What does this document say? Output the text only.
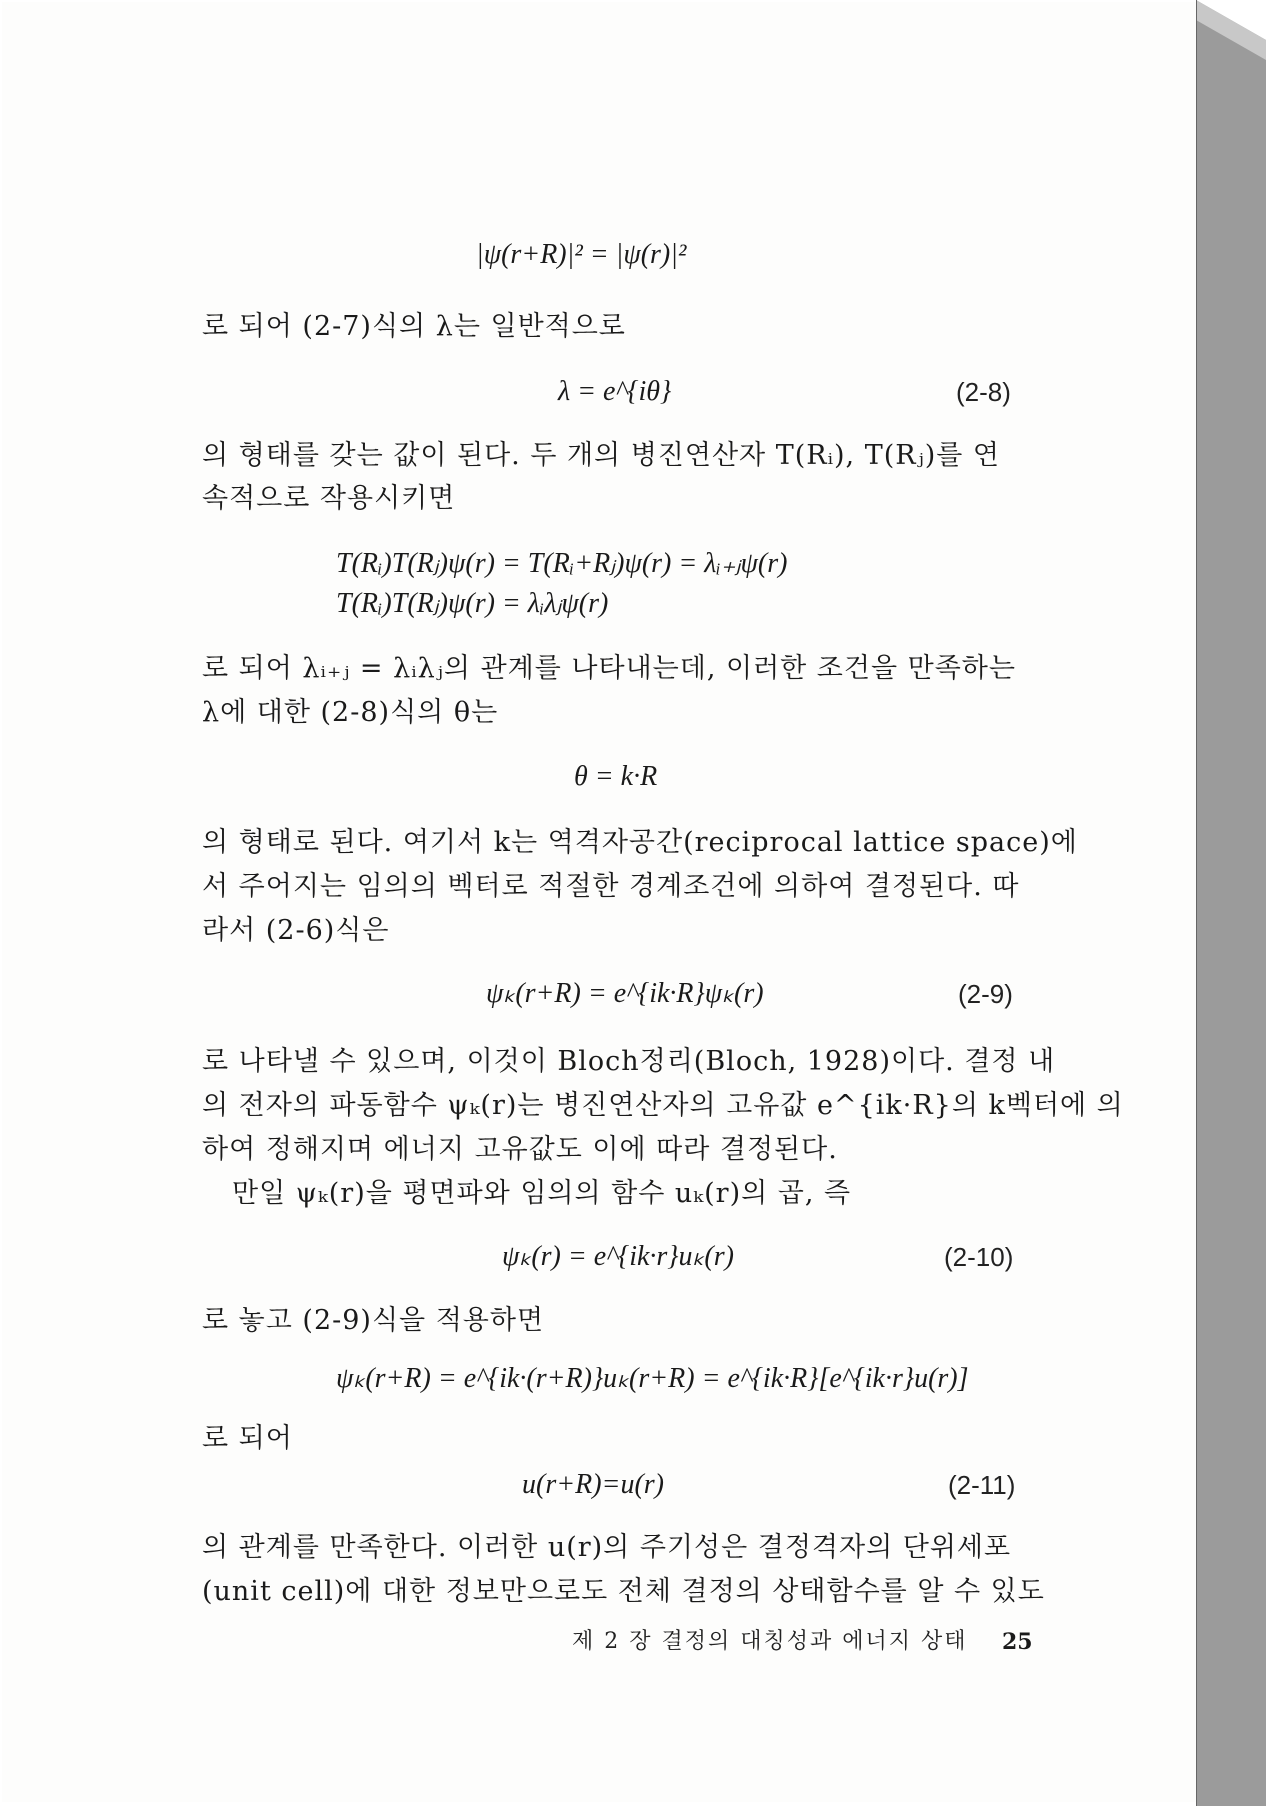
|ψ(r+R)|² = |ψ(r)|²
로 되어 (2-7)식의 λ는 일반적으로
λ = e^{iθ}	(2-8)
의 형태를 갖는 값이 된다. 두 개의 병진연산자 T(Rᵢ), T(Rⱼ)를 연
속적으로 작용시키면
T(Rᵢ)T(Rⱼ)ψ(r) = T(Rᵢ+Rⱼ)ψ(r) = λᵢ₊ⱼψ(r)
T(Rᵢ)T(Rⱼ)ψ(r) = λᵢλⱼψ(r)
로 되어 λᵢ₊ⱼ = λᵢλⱼ의 관계를 나타내는데, 이러한 조건을 만족하는
λ에 대한 (2-8)식의 θ는
θ = k·R
의 형태로 된다. 여기서 k는 역격자공간(reciprocal lattice space)에
서 주어지는 임의의 벡터로 적절한 경계조건에 의하여 결정된다. 따
라서 (2-6)식은
ψₖ(r+R) = e^{ik·R}ψₖ(r)	(2-9)
로 나타낼 수 있으며, 이것이 Bloch정리(Bloch, 1928)이다. 결정 내
의 전자의 파동함수 ψₖ(r)는 병진연산자의 고유값 e^{ik·R}의 k벡터에 의
하여 정해지며 에너지 고유값도 이에 따라 결정된다.
만일 ψₖ(r)을 평면파와 임의의 함수 uₖ(r)의 곱, 즉
ψₖ(r) = e^{ik·r}uₖ(r)	(2-10)
로 놓고 (2-9)식을 적용하면
ψₖ(r+R) = e^{ik·(r+R)}uₖ(r+R) = e^{ik·R}[e^{ik·r}u(r)]
로 되어
u(r+R)=u(r)	(2-11)
의 관계를 만족한다. 이러한 u(r)의 주기성은 결정격자의 단위세포
(unit cell)에 대한 정보만으로도 전체 결정의 상태함수를 알 수 있도
제 2 장 결정의 대칭성과 에너지 상태 25
